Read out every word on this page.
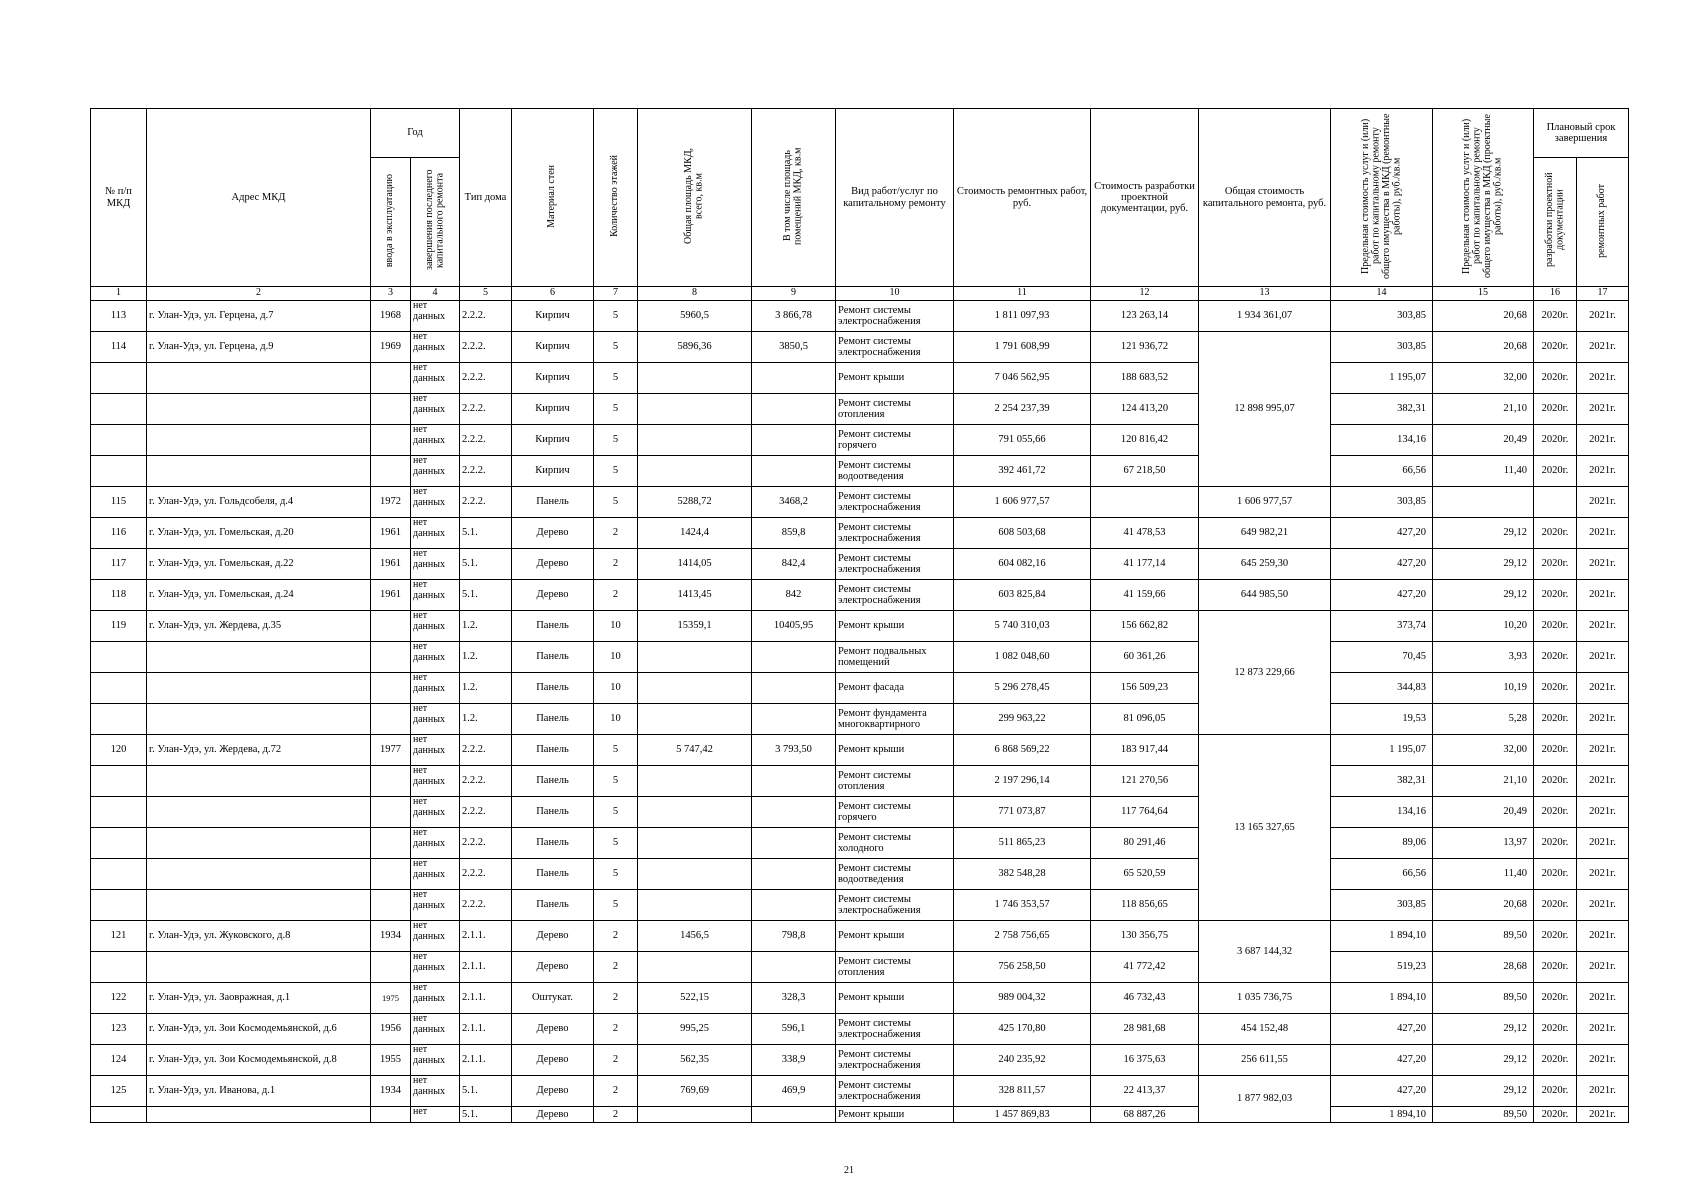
№ п/п МКД	Адрес МКД	Год		Тип дома	Материал стен	Количество этажей	Общая площадь МКД, всего, кв.м	В том числе площадь помещений МКД, кв.м	Вид работ/услуг по капитальному ремонту	Стоимость ремонтных работ, руб.	Стоимость разработки проектной документации, руб.	Общая стоимость капитального ремонта, руб.	Предельная стоимость услуг и (или) работ по капитальному ремонту общего имущества в МКД (ремонтные работы), руб./кв.м	Предельная стоимость услуг и (или) работ по капитальному ремонту общего имущества в МКД (проектные работы), руб./кв.м	Плановый срок завершения	
		ввода в эксплуатацию	завершения последнего капитального ремонта												разработки проектной документации	ремонтных работ
1	2	3	4	5	6	7	8	9	10	11	12	13	14	15	16	17
113	г. Улан-Удэ, ул. Герцена, д.7	1968	нет данных	2.2.2.	Кирпич	5	5960,5	3 866,78	Ремонт системы электроснабжения	1 811 097,93	123 263,14	1 934 361,07	303,85	20,68	2020г.	2021г.
114	г. Улан-Удэ, ул. Герцена, д.9	1969	нет данных	2.2.2.	Кирпич	5	5896,36	3850,5	Ремонт системы электроснабжения	1 791 608,99	121 936,72	12 898 995,07	303,85	20,68	2020г.	2021г.
			нет данных	2.2.2.	Кирпич	5			Ремонт крыши	7 046 562,95	188 683,52		1 195,07	32,00	2020г.	2021г.
			нет данных	2.2.2.	Кирпич	5			Ремонт системы отопления	2 254 237,39	124 413,20		382,31	21,10	2020г.	2021г.
			нет данных	2.2.2.	Кирпич	5			Ремонт системы горячего	791 055,66	120 816,42		134,16	20,49	2020г.	2021г.
			нет данных	2.2.2.	Кирпич	5			Ремонт системы водоотведения	392 461,72	67 218,50		66,56	11,40	2020г.	2021г.
115	г. Улан-Удэ, ул. Гольдсобеля, д.4	1972	нет данных	2.2.2.	Панель	5	5288,72	3468,2	Ремонт системы электроснабжения	1 606 977,57		1 606 977,57	303,85			2021г.
116	г. Улан-Удэ, ул. Гомельская, д.20	1961	нет данных	5.1.	Дерево	2	1424,4	859,8	Ремонт системы электроснабжения	608 503,68	41 478,53	649 982,21	427,20	29,12	2020г.	2021г.
117	г. Улан-Удэ, ул. Гомельская, д.22	1961	нет данных	5.1.	Дерево	2	1414,05	842,4	Ремонт системы электроснабжения	604 082,16	41 177,14	645 259,30	427,20	29,12	2020г.	2021г.
118	г. Улан-Удэ, ул. Гомельская, д.24	1961	нет данных	5.1.	Дерево	2	1413,45	842	Ремонт системы электроснабжения	603 825,84	41 159,66	644 985,50	427,20	29,12	2020г.	2021г.
119	г. Улан-Удэ, ул. Жердева, д.35		нет данных	1.2.	Панель	10	15359,1	10405,95	Ремонт крыши	5 740 310,03	156 662,82	12 873 229,66	373,74	10,20	2020г.	2021г.
			нет данных	1.2.	Панель	10			Ремонт подвальных помещений	1 082 048,60	60 361,26		70,45	3,93	2020г.	2021г.
			нет данных	1.2.	Панель	10			Ремонт фасада	5 296 278,45	156 509,23		344,83	10,19	2020г.	2021г.
			нет данных	1.2.	Панель	10			Ремонт фундамента многоквартирного	299 963,22	81 096,05		19,53	5,28	2020г.	2021г.
120	г. Улан-Удэ, ул. Жердева, д.72	1977	нет данных	2.2.2.	Панель	5	5 747,42	3 793,50	Ремонт крыши	6 868 569,22	183 917,44	13 165 327,65	1 195,07	32,00	2020г.	2021г.
			нет данных	2.2.2.	Панель	5			Ремонт системы отопления	2 197 296,14	121 270,56		382,31	21,10	2020г.	2021г.
			нет данных	2.2.2.	Панель	5			Ремонт системы горячего	771 073,87	117 764,64		134,16	20,49	2020г.	2021г.
			нет данных	2.2.2.	Панель	5			Ремонт системы холодного	511 865,23	80 291,46		89,06	13,97	2020г.	2021г.
			нет данных	2.2.2.	Панель	5			Ремонт системы водоотведения	382 548,28	65 520,59		66,56	11,40	2020г.	2021г.
			нет данных	2.2.2.	Панель	5			Ремонт системы электроснабжения	1 746 353,57	118 856,65		303,85	20,68	2020г.	2021г.
121	г. Улан-Удэ, ул. Жуковского, д.8	1934	нет данных	2.1.1.	Дерево	2	1456,5	798,8	Ремонт крыши	2 758 756,65	130 356,75	3 687 144,32	1 894,10	89,50	2020г.	2021г.
			нет данных	2.1.1.	Дерево	2			Ремонт системы отопления	756 258,50	41 772,42		519,23	28,68	2020г.	2021г.
122	г. Улан-Удэ, ул. Заовражная, д.1	1975	нет данных	2.1.1.	Оштукат.	2	522,15	328,3	Ремонт крыши	989 004,32	46 732,43	1 035 736,75	1 894,10	89,50	2020г.	2021г.
123	г. Улан-Удэ, ул. Зои Космодемьянской, д.6	1956	нет данных	2.1.1.	Дерево	2	995,25	596,1	Ремонт системы электроснабжения	425 170,80	28 981,68	454 152,48	427,20	29,12	2020г.	2021г.
124	г. Улан-Удэ, ул. Зои Космодемьянской, д.8	1955	нет данных	2.1.1.	Дерево	2	562,35	338,9	Ремонт системы электроснабжения	240 235,92	16 375,63	256 611,55	427,20	29,12	2020г.	2021г.
125	г. Улан-Удэ, ул. Иванова, д.1	1934	нет данных	5.1.	Дерево	2	769,69	469,9	Ремонт системы электроснабжения	328 811,57	22 413,37	1 877 982,03	427,20	29,12	2020г.	2021г.
			нет	5.1.	Дерево	2			Ремонт крыши	1 457 869,83	68 887,26		1 894,10	89,50	2020г.	2021г.
21
